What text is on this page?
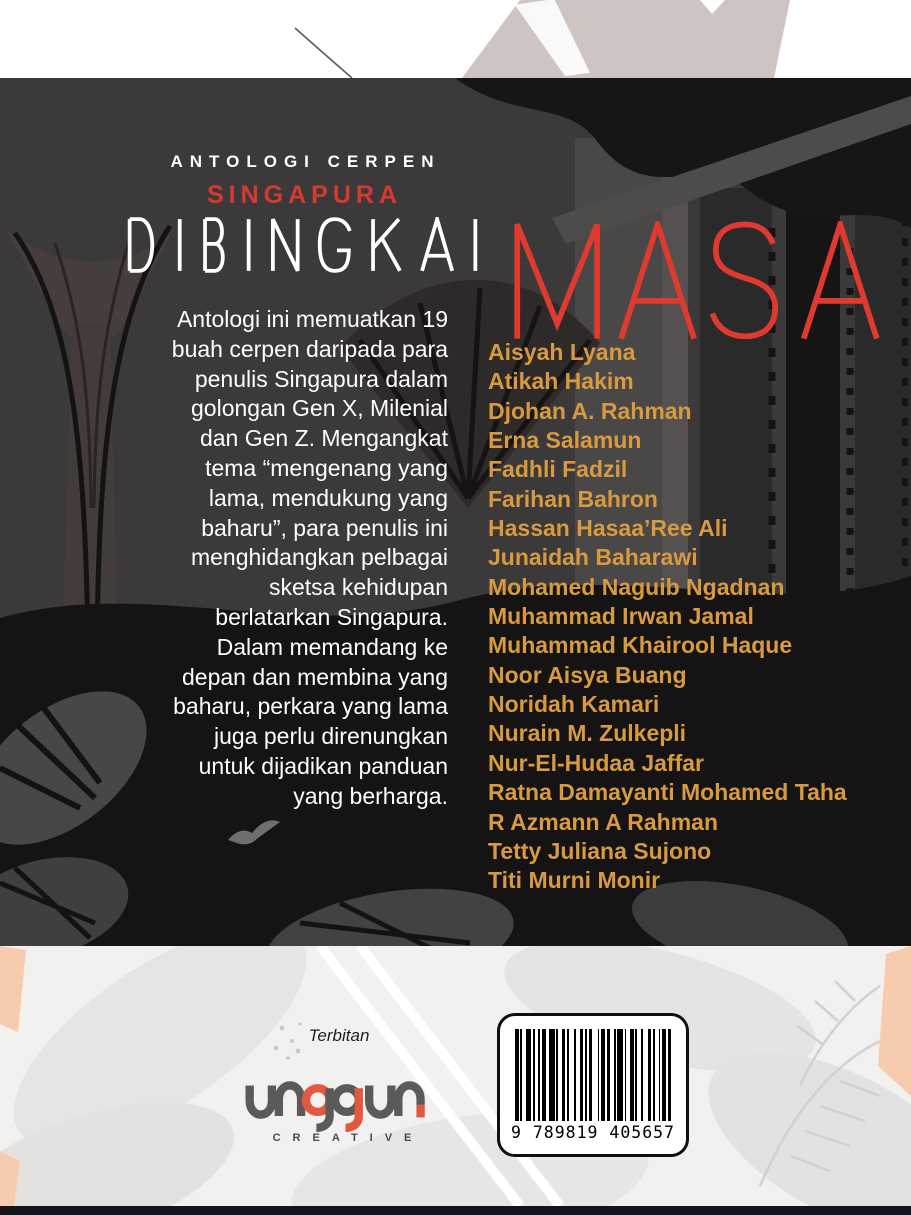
ANTOLOGI CERPEN
SINGAPURA
Antologi ini memuatkan 19
buah cerpen daripada para
penulis Singapura dalam
golongan Gen X, Milenial
dan Gen Z. Mengangkat
tema “mengenang yang
lama, mendukung yang
baharu”, para penulis ini
menghidangkan pelbagai
sketsa kehidupan
berlatarkan Singapura.
Dalam memandang ke
depan dan membina yang
baharu, perkara yang lama
juga perlu direnungkan
untuk dijadikan panduan
yang berharga.
Aisyah Lyana
Atikah Hakim
Djohan A. Rahman
Erna Salamun
Fadhli Fadzil
Farihan Bahron
Hassan Hasaa’Ree Ali
Junaidah Baharawi
Mohamed Naguib Ngadnan
Muhammad Irwan Jamal
Muhammad Khairool Haque
Noor Aisya Buang
Noridah Kamari
Nurain M. Zulkepli
Nur-El-Hudaa Jaffar
Ratna Damayanti Mohamed Taha
R Azmann A Rahman
Tetty Juliana Sujono
Titi Murni Monir
Terbitan
CREATIVE	9 789819 405657
